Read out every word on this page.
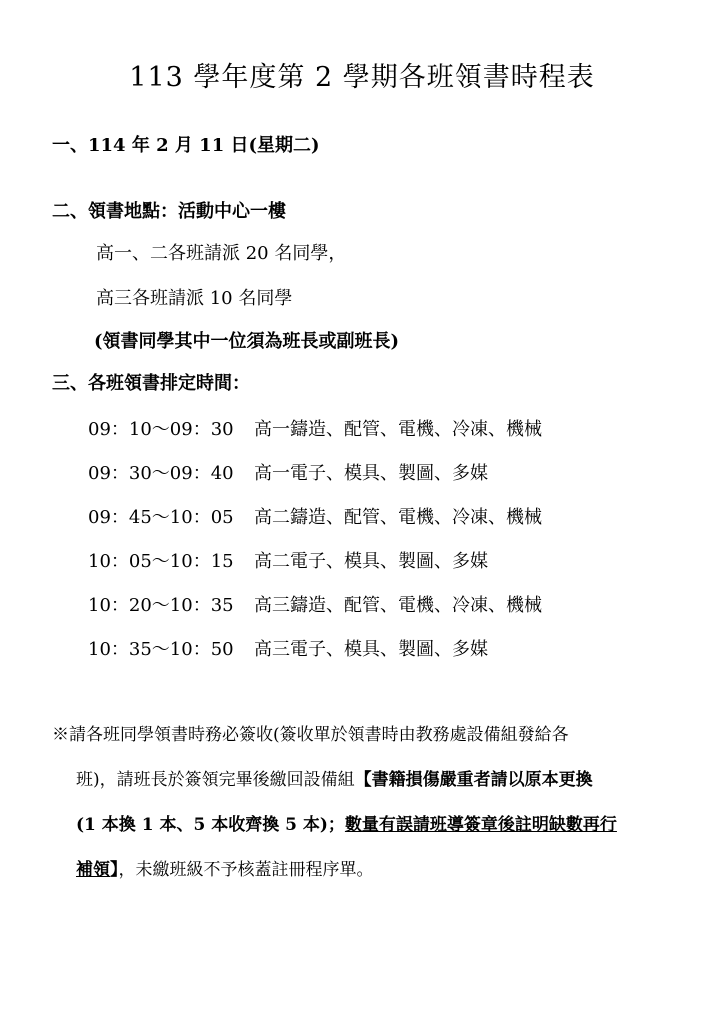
113 學年度第 2 學期各班領書時程表
一、114 年 2 月 11 日(星期二)
二、領書地點：活動中心一樓
高一、二各班請派 20 名同學，
高三各班請派 10 名同學
(領書同學其中一位須為班長或副班長)
三、各班領書排定時間：
09：10～09：30 高一鑄造、配管、電機、冷凍、機械
09：30～09：40 高一電子、模具、製圖、多媒
09：45～10：05 高二鑄造、配管、電機、冷凍、機械
10：05～10：15 高二電子、模具、製圖、多媒
10：20～10：35 高三鑄造、配管、電機、冷凍、機械
10：35～10：50 高三電子、模具、製圖、多媒
※請各班同學領書時務必簽收(簽收單於領書時由教務處設備組發給各
班)，請班長於簽領完畢後繳回設備組【書籍損傷嚴重者請以原本更換
(1 本換 1 本、5 本收齊換 5 本)；數量有誤請班導簽章後註明缺數再行
補領】，未繳班級不予核蓋註冊程序單。
